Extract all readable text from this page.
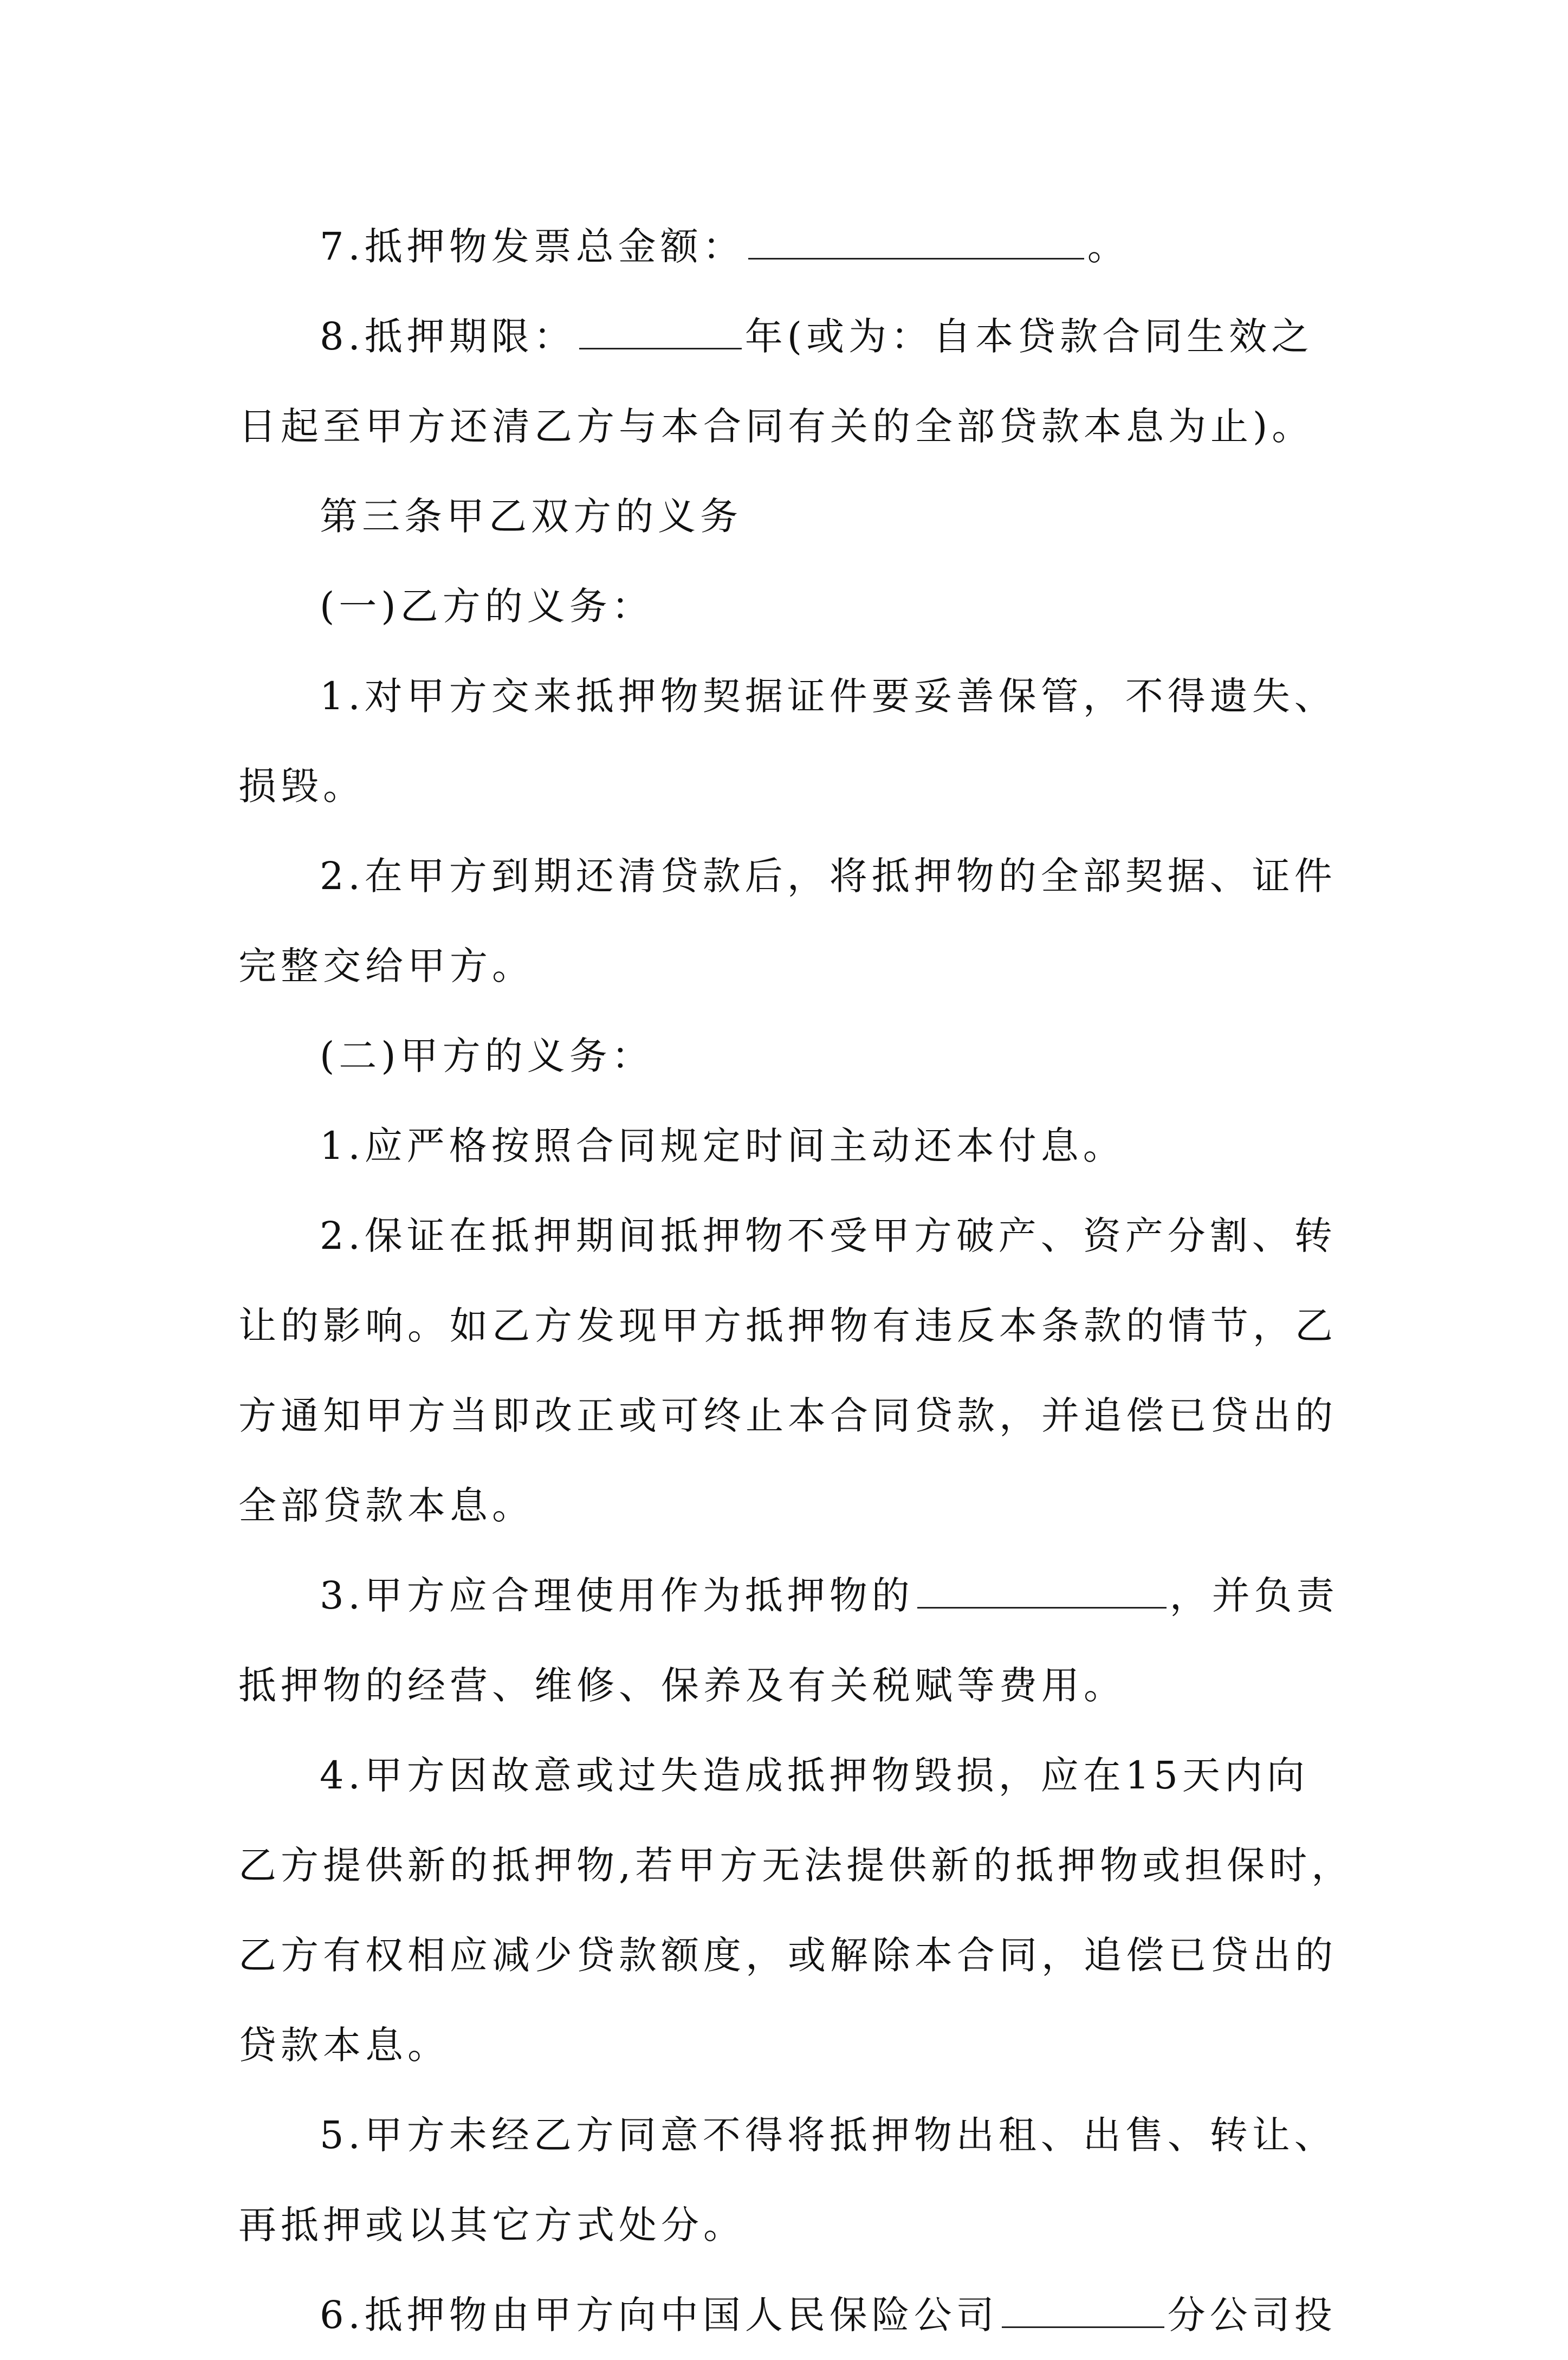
7.抵押物发票总金额：	。
8.抵押期限：	年(或为：自本贷款合同生效之
日起至甲方还清乙方与本合同有关的全部贷款本息为止)。
第三条甲乙双方的义务
(一)乙方的义务：
1.对甲方交来抵押物契据证件要妥善保管，不得遗失、
损毁。
2.在甲方到期还清贷款后，将抵押物的全部契据、证件
完整交给甲方。
(二)甲方的义务：
1.应严格按照合同规定时间主动还本付息。
2.保证在抵押期间抵押物不受甲方破产、资产分割、转
让的影响。如乙方发现甲方抵押物有违反本条款的情节，乙
方通知甲方当即改正或可终止本合同贷款，并追偿已贷出的
全部贷款本息。
3.甲方应合理使用作为抵押物的	，并负责
抵押物的经营、维修、保养及有关税赋等费用。
4.甲方因故意或过失造成抵押物毁损，应在15天内向
乙方提供新的抵押物,若甲方无法提供新的抵押物或担保时，
乙方有权相应减少贷款额度，或解除本合同，追偿已贷出的
贷款本息。
5.甲方未经乙方同意不得将抵押物出租、出售、转让、
再抵押或以其它方式处分。
6.抵押物由甲方向中国人民保险公司	分公司投
